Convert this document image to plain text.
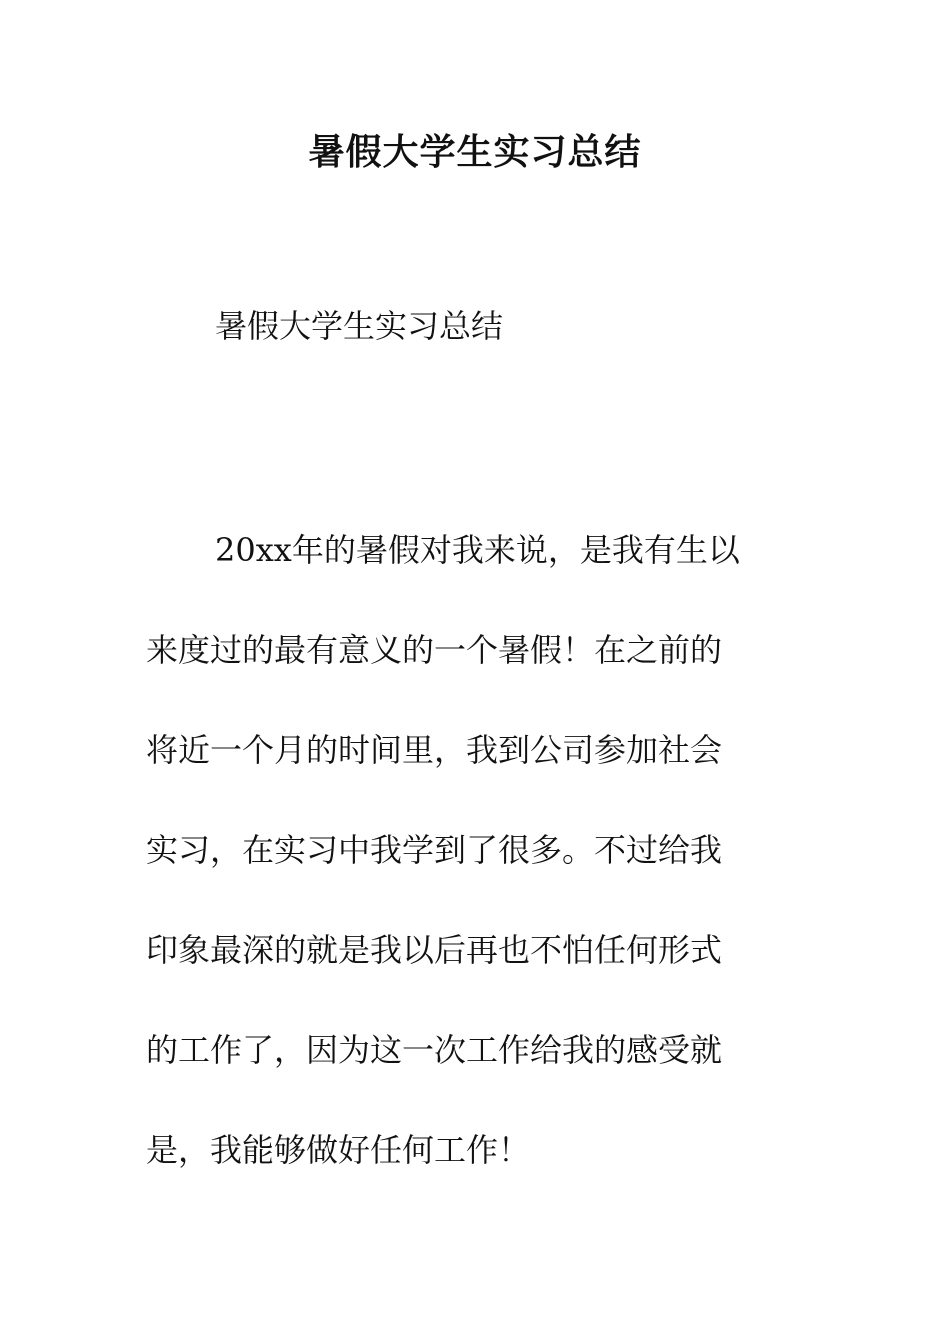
暑假大学生实习总结
暑假大学生实习总结
20xx年的暑假对我来说，是我有生以
来度过的最有意义的一个暑假！在之前的
将近一个月的时间里，我到公司参加社会
实习，在实习中我学到了很多。不过给我
印象最深的就是我以后再也不怕任何形式
的工作了，因为这一次工作给我的感受就
是，我能够做好任何工作！
